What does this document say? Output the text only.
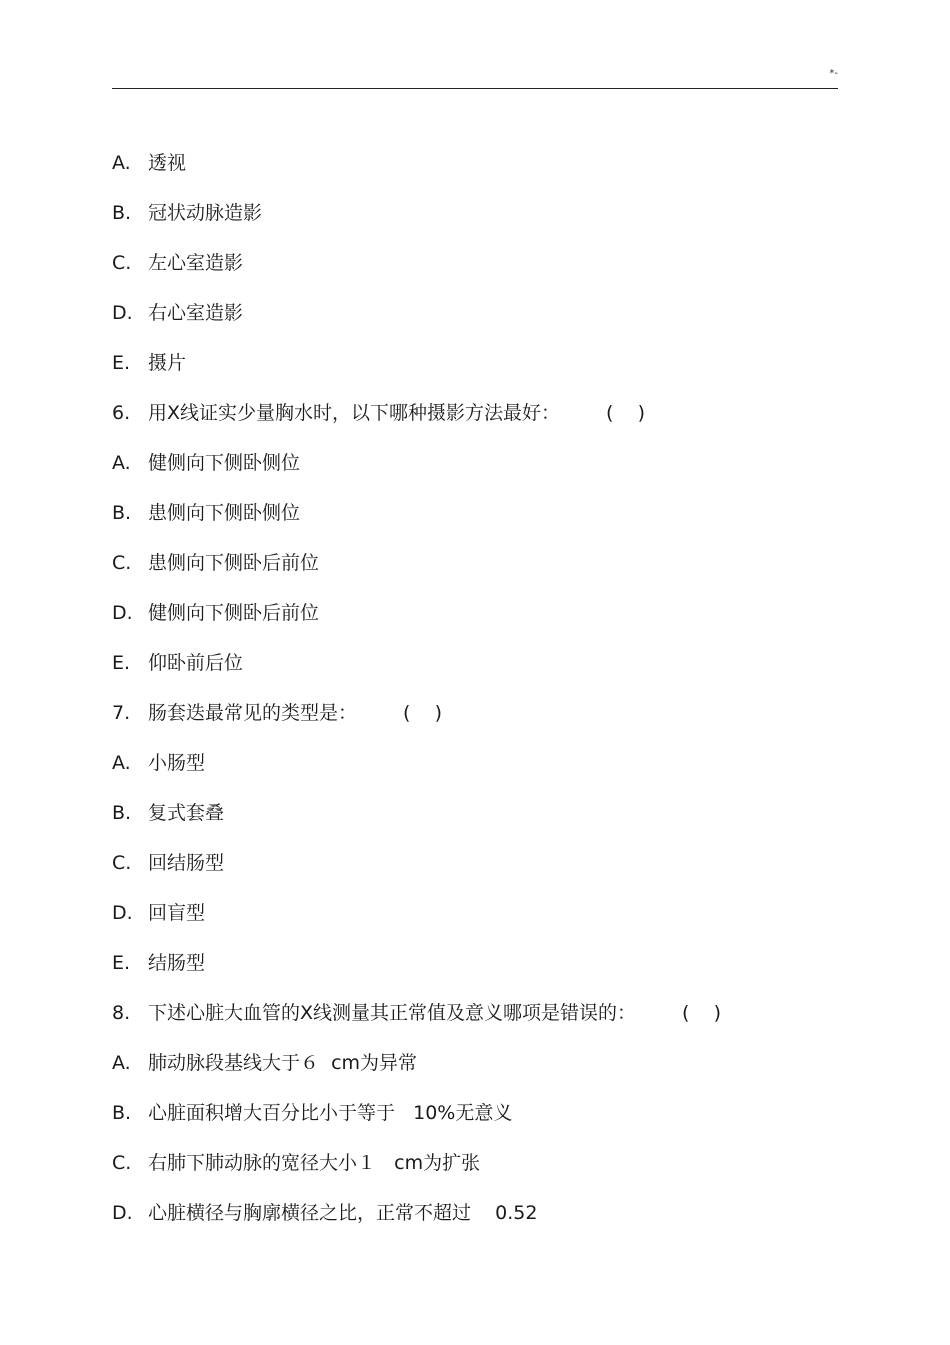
*-
A. 透视
B. 冠状动脉造影
C. 左心室造影
D. 右心室造影
E. 摄片
6. 用X线证实少量胸水时，以下哪种摄影方法最好： (    )
A. 健侧向下侧卧侧位
B. 患侧向下侧卧侧位
C. 患侧向下侧卧后前位
D. 健侧向下侧卧后前位
E. 仰卧前后位
7. 肠套迭最常见的类型是： (    )
A. 小肠型
B. 复式套叠
C. 回结肠型
D. 回盲型
E. 结肠型
8. 下述心脏大血管的X线测量其正常值及意义哪项是错误的： (    )
A. 肺动脉段基线大于６  cm为异常
B. 心脏面积增大百分比小于等于   10%无意义
C. 右肺下肺动脉的宽径大小１   cm为扩张
D. 心脏横径与胸廓横径之比，正常不超过    0.52
